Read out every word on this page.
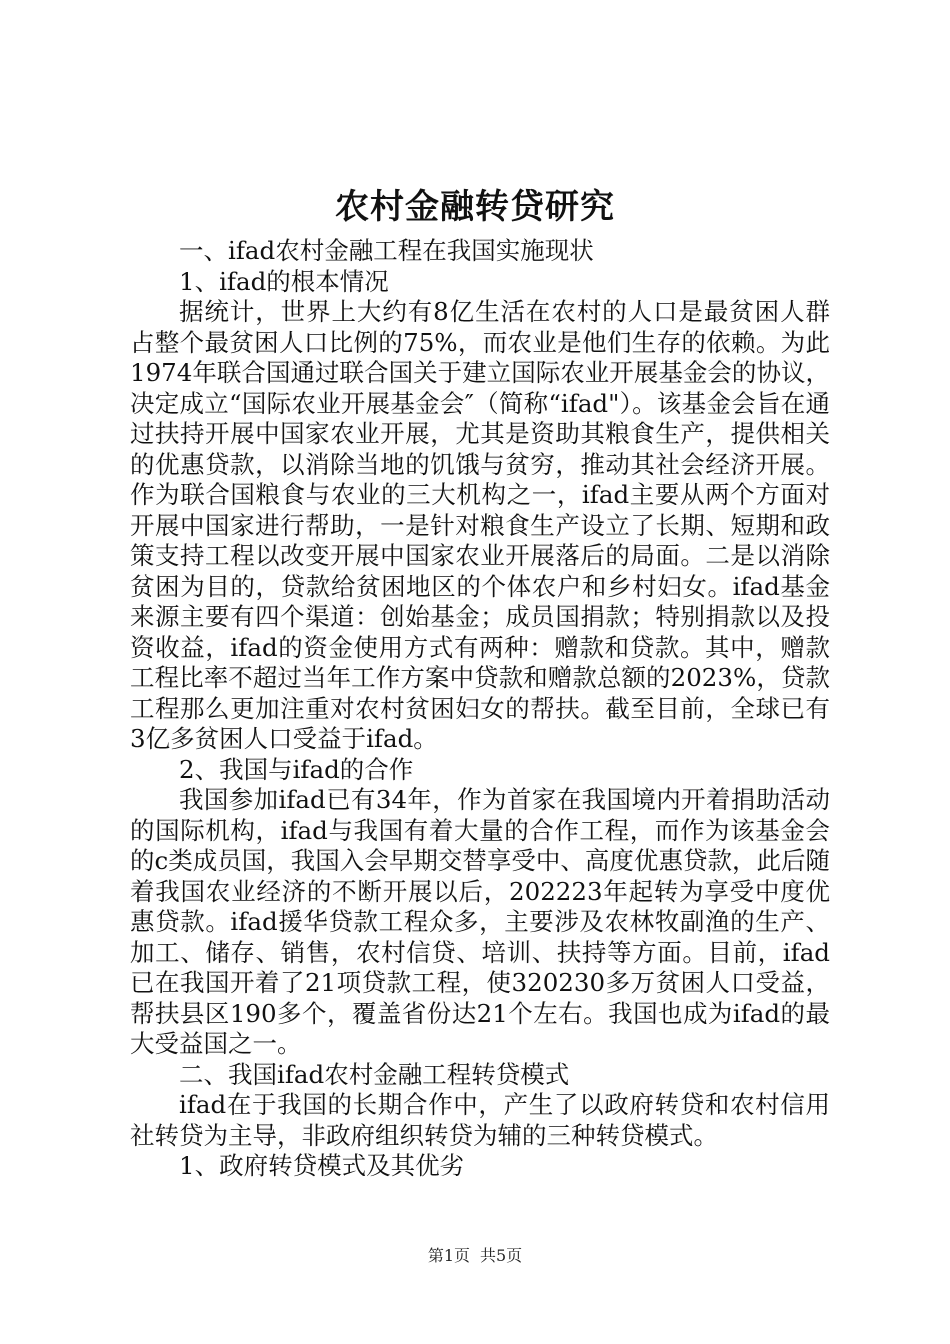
农村金融转贷研究

一、ifad农村金融工程在我国实施现状

1、ifad的根本情况

据统计，世界上大约有8亿生活在农村的人口是最贫困人群占整个最贫困人口比例的75%，而农业是他们生存的依赖。为此1974年联合国通过联合国关于建立国际农业开展基金会的协议，决定成立“国际农业开展基金会″（简称“ifad"）。该基金会旨在通过扶持开展中国家农业开展，尤其是资助其粮食生产，提供相关的优惠贷款，以消除当地的饥饿与贫穷，推动其社会经济开展。作为联合国粮食与农业的三大机构之一，ifad主要从两个方面对开展中国家进行帮助，一是针对粮食生产设立了长期、短期和政策支持工程以改变开展中国家农业开展落后的局面。二是以消除贫困为目的，贷款给贫困地区的个体农户和乡村妇女。ifad基金来源主要有四个渠道：创始基金；成员国捐款；特别捐款以及投资收益，ifad的资金使用方式有两种：赠款和贷款。其中，赠款工程比率不超过当年工作方案中贷款和赠款总额的2023%，贷款工程那么更加注重对农村贫困妇女的帮扶。截至目前，全球已有3亿多贫困人口受益于ifad。

2、我国与ifad的合作

我国参加ifad已有34年，作为首家在我国境内开着捐助活动的国际机构，ifad与我国有着大量的合作工程，而作为该基金会的c类成员国，我国入会早期交替享受中、高度优惠贷款，此后随着我国农业经济的不断开展以后，202223年起转为享受中度优惠贷款。ifad援华贷款工程众多，主要涉及农林牧副渔的生产、加工、储存、销售，农村信贷、培训、扶持等方面。目前，ifad已在我国开着了21项贷款工程，使320230多万贫困人口受益，帮扶县区190多个，覆盖省份达21个左右。我国也成为ifad的最大受益国之一。

二、我国ifad农村金融工程转贷模式

ifad在于我国的长期合作中，产生了以政府转贷和农村信用社转贷为主导，非政府组织转贷为辅的三种转贷模式。

1、政府转贷模式及其优劣

第1页 共5页
